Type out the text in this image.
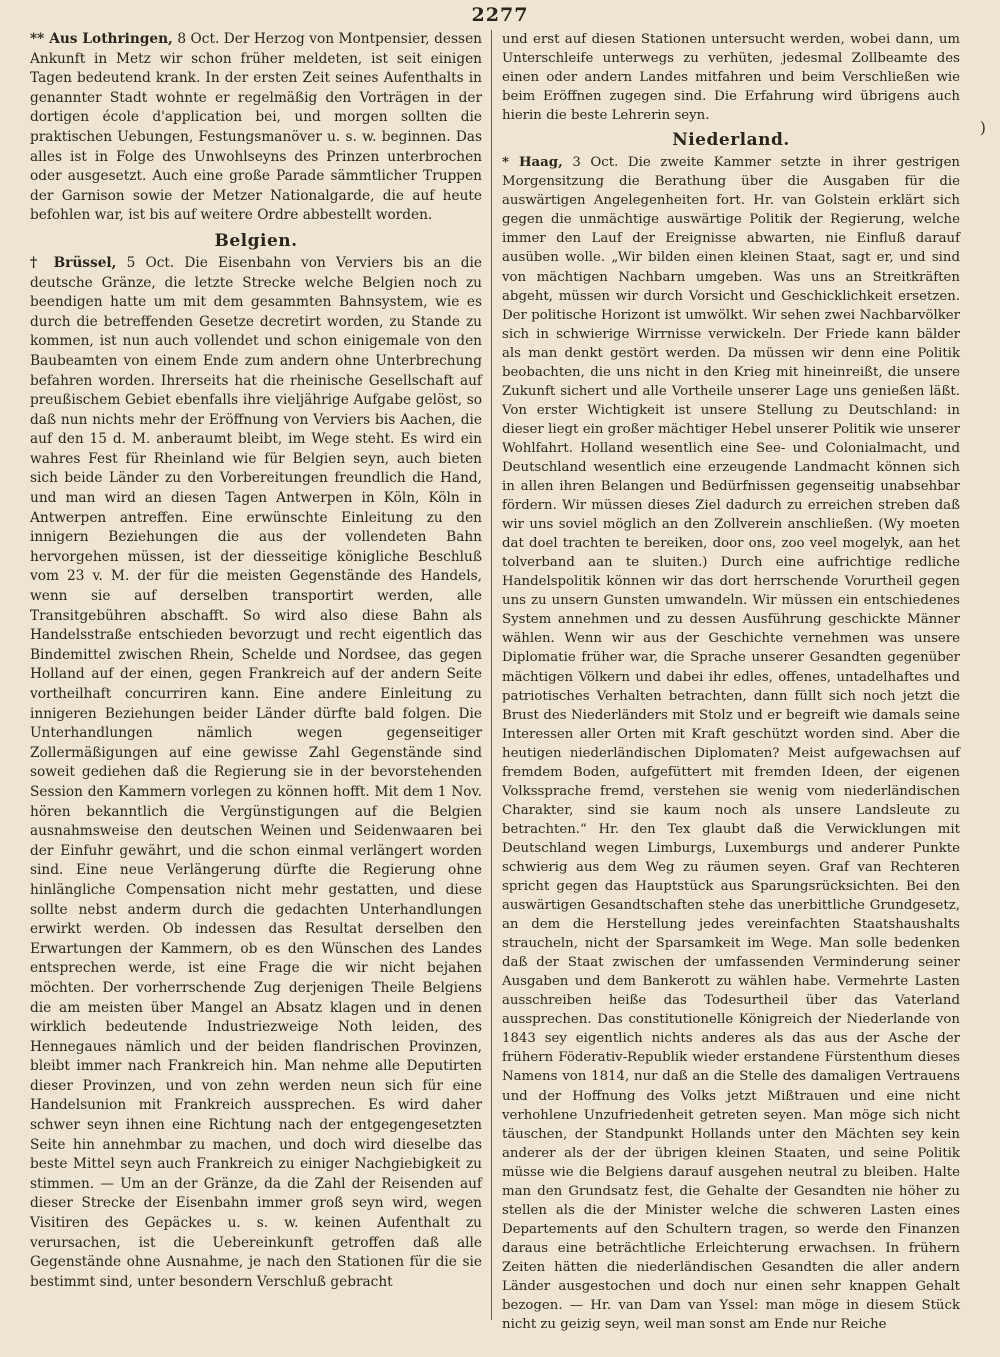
2277

** Aus Lothringen, 8 Oct. Der Herzog von Montpensier, dessen Ankunft in Metz wir schon früher meldeten, ist seit einigen Tagen bedeutend krank. In der ersten Zeit seines Aufenthalts in genannter Stadt wohnte er regelmäßig den Vorträgen in der dortigen école d'application bei, und morgen sollten die praktischen Uebungen, Festungsmanöver u. s. w. beginnen. Das alles ist in Folge des Unwohlseyns des Prinzen unterbrochen oder ausgesetzt. Auch eine große Parade sämmtlicher Truppen der Garnison sowie der Metzer Nationalgarde, die auf heute befohlen war, ist bis auf weitere Ordre abbestellt worden.

Belgien.

† Brüssel, 5 Oct. Die Eisenbahn von Verviers bis an die deutsche Gränze, die letzte Strecke welche Belgien noch zu beendigen hatte um mit dem gesammten Bahnsystem, wie es durch die betreffenden Gesetze decretirt worden, zu Stande zu kommen, ist nun auch vollendet und schon einigemale von den Baubeamten von einem Ende zum andern ohne Unterbrechung befahren worden. Ihrerseits hat die rheinische Gesellschaft auf preußischem Gebiet ebenfalls ihre vieljährige Aufgabe gelöst, so daß nun nichts mehr der Eröffnung von Verviers bis Aachen, die auf den 15 d. M. anberaumt bleibt, im Wege steht. Es wird ein wahres Fest für Rheinland wie für Belgien seyn, auch bieten sich beide Länder zu den Vorbereitungen freundlich die Hand, und man wird an diesen Tagen Antwerpen in Köln, Köln in Antwerpen antreffen. Eine erwünschte Einleitung zu den innigern Beziehungen die aus der vollendeten Bahn hervorgehen müssen, ist der diesseitige königliche Beschluß vom 23 v. M. der für die meisten Gegenstände des Handels, wenn sie auf derselben transportirt werden, alle Transitgebühren abschafft. So wird also diese Bahn als Handelsstraße entschieden bevorzugt und recht eigentlich das Bindemittel zwischen Rhein, Schelde und Nordsee, das gegen Holland auf der einen, gegen Frankreich auf der andern Seite vortheilhaft concurriren kann. Eine andere Einleitung zu innigeren Beziehungen beider Länder dürfte bald folgen. Die Unterhandlungen nämlich wegen gegenseitiger Zollermäßigungen auf eine gewisse Zahl Gegenstände sind soweit gediehen daß die Regierung sie in der bevorstehenden Session den Kammern vorlegen zu können hofft. Mit dem 1 Nov. hören bekanntlich die Vergünstigungen auf die Belgien ausnahmsweise den deutschen Weinen und Seidenwaaren bei der Einfuhr gewährt, und die schon einmal verlängert worden sind. Eine neue Verlängerung dürfte die Regierung ohne hinlängliche Compensation nicht mehr gestatten, und diese sollte nebst anderm durch die gedachten Unterhandlungen erwirkt werden. Ob indessen das Resultat derselben den Erwartungen der Kammern, ob es den Wünschen des Landes entsprechen werde, ist eine Frage die wir nicht bejahen möchten. Der vorherrschende Zug derjenigen Theile Belgiens die am meisten über Mangel an Absatz klagen und in denen wirklich bedeutende Industriezweige Noth leiden, des Hennegaues nämlich und der beiden flandrischen Provinzen, bleibt immer nach Frankreich hin. Man nehme alle Deputirten dieser Provinzen, und von zehn werden neun sich für eine Handelsunion mit Frankreich aussprechen. Es wird daher schwer seyn ihnen eine Richtung nach der entgegengesetzten Seite hin annehmbar zu machen, und doch wird dieselbe das beste Mittel seyn auch Frankreich zu einiger Nachgiebigkeit zu stimmen. — Um an der Gränze, da die Zahl der Reisenden auf dieser Strecke der Eisenbahn immer groß seyn wird, wegen Visitiren des Gepäckes u. s. w. keinen Aufenthalt zu verursachen, ist die Uebereinkunft getroffen daß alle Gegenstände ohne Ausnahme, je nach den Stationen für die sie bestimmt sind, unter besondern Verschluß gebracht

und erst auf diesen Stationen untersucht werden, wobei dann, um Unterschleife unterwegs zu verhüten, jedesmal Zollbeamte des einen oder andern Landes mitfahren und beim Verschließen wie beim Eröffnen zugegen sind. Die Erfahrung wird übrigens auch hierin die beste Lehrerin seyn.

Niederland.

* Haag, 3 Oct. Die zweite Kammer setzte in ihrer gestrigen Morgensitzung die Berathung über die Ausgaben für die auswärtigen Angelegenheiten fort. Hr. van Golstein erklärt sich gegen die unmächtige auswärtige Politik der Regierung, welche immer den Lauf der Ereignisse abwarten, nie Einfluß darauf ausüben wolle. „Wir bilden einen kleinen Staat, sagt er, und sind von mächtigen Nachbarn umgeben. Was uns an Streitkräften abgeht, müssen wir durch Vorsicht und Geschicklichkeit ersetzen. Der politische Horizont ist umwölkt. Wir sehen zwei Nachbarvölker sich in schwierige Wirrnisse verwickeln. Der Friede kann bälder als man denkt gestört werden. Da müssen wir denn eine Politik beobachten, die uns nicht in den Krieg mit hineinreißt, die unsere Zukunft sichert und alle Vortheile unserer Lage uns genießen läßt. Von erster Wichtigkeit ist unsere Stellung zu Deutschland: in dieser liegt ein großer mächtiger Hebel unserer Politik wie unserer Wohlfahrt. Holland wesentlich eine See- und Colonialmacht, und Deutschland wesentlich eine erzeugende Landmacht können sich in allen ihren Belangen und Bedürfnissen gegenseitig unabsehbar fördern. Wir müssen dieses Ziel dadurch zu erreichen streben daß wir uns soviel möglich an den Zollverein anschließen. (Wy moeten dat doel trachten te bereiken, door ons, zoo veel mogelyk, aan het tolverband aan te sluiten.) Durch eine aufrichtige redliche Handelspolitik können wir das dort herrschende Vorurtheil gegen uns zu unsern Gunsten umwandeln. Wir müssen ein entschiedenes System annehmen und zu dessen Ausführung geschickte Männer wählen. Wenn wir aus der Geschichte vernehmen was unsere Diplomatie früher war, die Sprache unserer Gesandten gegenüber mächtigen Völkern und dabei ihr edles, offenes, untadelhaftes und patriotisches Verhalten betrachten, dann füllt sich noch jetzt die Brust des Niederländers mit Stolz und er begreift wie damals seine Interessen aller Orten mit Kraft geschützt worden sind. Aber die heutigen niederländischen Diplomaten? Meist aufgewachsen auf fremdem Boden, aufgefüttert mit fremden Ideen, der eigenen Volkssprache fremd, verstehen sie wenig vom niederländischen Charakter, sind sie kaum noch als unsere Landsleute zu betrachten.“ Hr. den Tex glaubt daß die Verwicklungen mit Deutschland wegen Limburgs, Luxemburgs und anderer Punkte schwierig aus dem Weg zu räumen seyen. Graf van Rechteren spricht gegen das Hauptstück aus Sparungsrücksichten. Bei den auswärtigen Gesandtschaften stehe das unerbittliche Grundgesetz, an dem die Herstellung jedes vereinfachten Staatshaushalts straucheln, nicht der Sparsamkeit im Wege. Man solle bedenken daß der Staat zwischen der umfassenden Verminderung seiner Ausgaben und dem Bankerott zu wählen habe. Vermehrte Lasten ausschreiben heiße das Todesurtheil über das Vaterland aussprechen. Das constitutionelle Königreich der Niederlande von 1843 sey eigentlich nichts anderes als das aus der Asche der frühern Föderativ-Republik wieder erstandene Fürstenthum dieses Namens von 1814, nur daß an die Stelle des damaligen Vertrauens und der Hoffnung des Volks jetzt Mißtrauen und eine nicht verhohlene Unzufriedenheit getreten seyen. Man möge sich nicht täuschen, der Standpunkt Hollands unter den Mächten sey kein anderer als der der übrigen kleinen Staaten, und seine Politik müsse wie die Belgiens darauf ausgehen neutral zu bleiben. Halte man den Grundsatz fest, die Gehalte der Gesandten nie höher zu stellen als die der Minister welche die schweren Lasten eines Departements auf den Schultern tragen, so werde den Finanzen daraus eine beträchtliche Erleichterung erwachsen. In frühern Zeiten hätten die niederländischen Gesandten die aller andern Länder ausgestochen und doch nur einen sehr knappen Gehalt bezogen. — Hr. van Dam van Yssel: man möge in diesem Stück nicht zu geizig seyn, weil man sonst am Ende nur Reiche

)
